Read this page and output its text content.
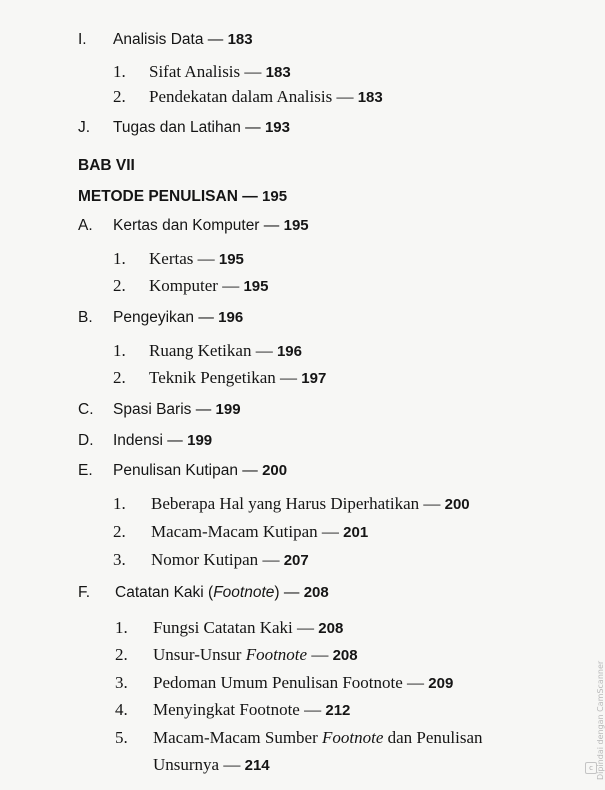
I. Analisis Data — 183
1. Sifat Analisis — 183
2. Pendekatan dalam Analisis — 183
J. Tugas dan Latihan — 193
BAB VII
METODE PENULISAN — 195
A. Kertas dan Komputer — 195
1. Kertas — 195
2. Komputer — 195
B. Pengeyikan — 196
1. Ruang Ketikan — 196
2. Teknik Pengetikan — 197
C. Spasi Baris — 199
D. Indensi — 199
E. Penulisan Kutipan — 200
1. Beberapa Hal yang Harus Diperhatikan — 200
2. Macam-Macam Kutipan — 201
3. Nomor Kutipan — 207
F. Catatan Kaki (Footnote) — 208
1. Fungsi Catatan Kaki — 208
2. Unsur-Unsur Footnote — 208
3. Pedoman Umum Penulisan Footnote — 209
4. Menyingkat Footnote — 212
5. Macam-Macam Sumber Footnote dan Penulisan
Unsurnya — 214	Dipindai dengan CamScanner
c
